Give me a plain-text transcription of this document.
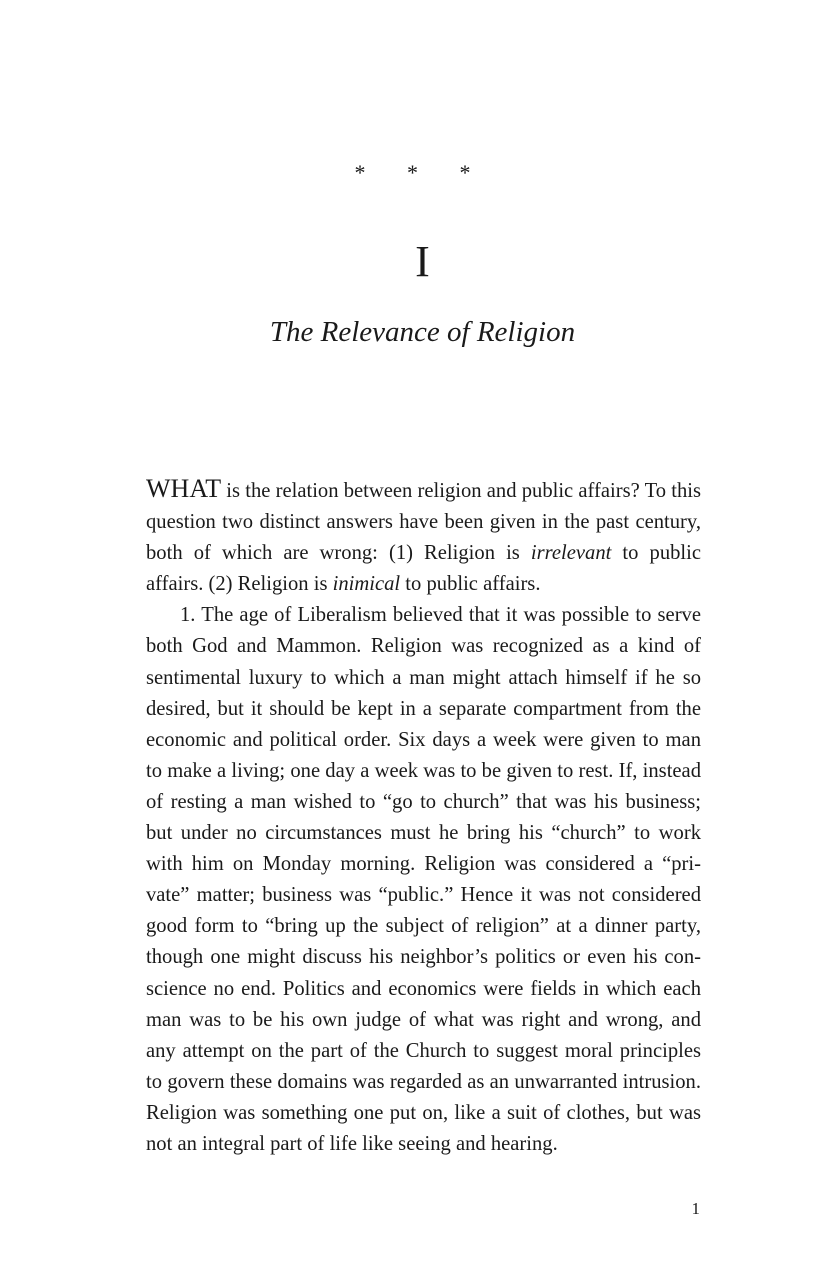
* * *
I
The Relevance of Religion

WHAT is the relation between religion and public affairs? To this question two distinct answers have been given in the past century, both of which are wrong: (1) Religion is irrelevant to public affairs. (2) Religion is inimical to public affairs.

1. The age of Liberalism believed that it was possible to serve both God and Mammon. Religion was recognized as a kind of sentimental luxury to which a man might attach himself if he so desired, but it should be kept in a separate compartment from the economic and political order. Six days a week were given to man to make a living; one day a week was to be given to rest. If, instead of resting a man wished to “go to church” that was his business; but under no circumstances must he bring his “church” to work with him on Monday morning. Religion was considered a “private” matter; business was “public.” Hence it was not considered good form to “bring up the subject of religion” at a dinner party, though one might discuss his neighbor’s politics or even his conscience no end. Politics and economics were fields in which each man was to be his own judge of what was right and wrong, and any attempt on the part of the Church to suggest moral principles to govern these domains was regarded as an unwarranted intrusion. Religion was something one put on, like a suit of clothes, but was not an integral part of life like seeing and hearing.

1
